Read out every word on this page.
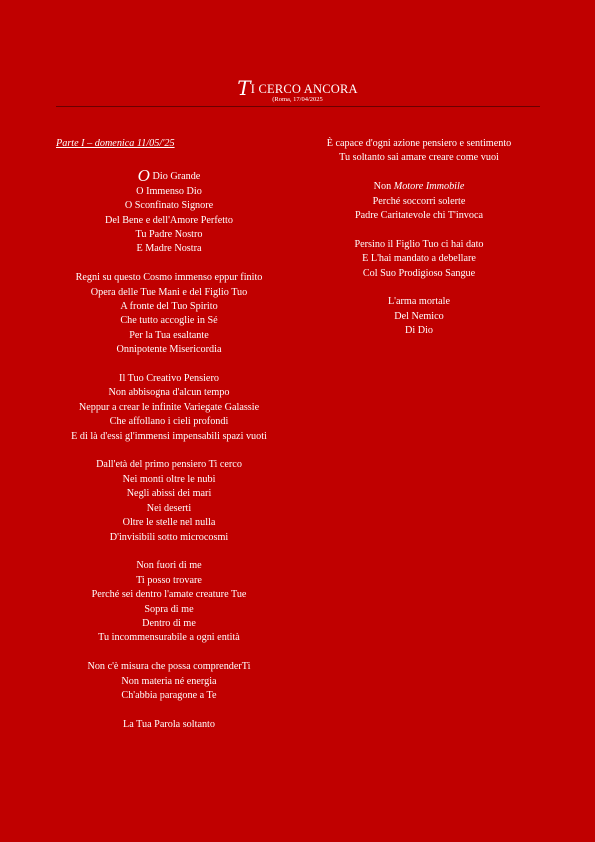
TI CERCO ANCORA
(Roma, 17/04/2025
Parte I – domenica 11/05/'25
O Dio Grande
O Immenso Dio
O Sconfinato Signore
Del Bene e dell'Amore Perfetto
Tu Padre Nostro
E Madre Nostra
Regni su questo Cosmo immenso eppur finito
Opera delle Tue Mani e del Figlio Tuo
A fronte del Tuo Spirito
Che tutto accoglie in Sé
Per la Tua esaltante
Onnipotente Misericordia
Il Tuo Creativo Pensiero
Non abbisogna d'alcun tempo
Neppur a crear le infinite Variegate Galassie
Che affollano i cieli profondi
E di là d'essi gl'immensi impensabili spazi vuoti
Dall'età del primo pensiero Ti cerco
Nei monti oltre le nubi
Negli abissi dei mari
Nei deserti
Oltre le stelle nel nulla
D'invisibili sotto microcosmi
Non fuori di me
Ti posso trovare
Perché sei dentro l'amate creature Tue
Sopra di me
Dentro di me
Tu incommensurabile a ogni entità
Non c'è misura che possa comprenderTi
Non materia né energia
Ch'abbia paragone a Te
La Tua Parola soltanto
È capace d'ogni azione pensiero e sentimento
Tu soltanto sai amare creare come vuoi
Non Motore Immobile
Perché soccorri solerte
Padre Caritatevole chi T'invoca
Persino il Figlio Tuo ci hai dato
E L'hai mandato a debellare
Col Suo Prodigioso Sangue
L'arma mortale
Del Nemico
Di Dio
